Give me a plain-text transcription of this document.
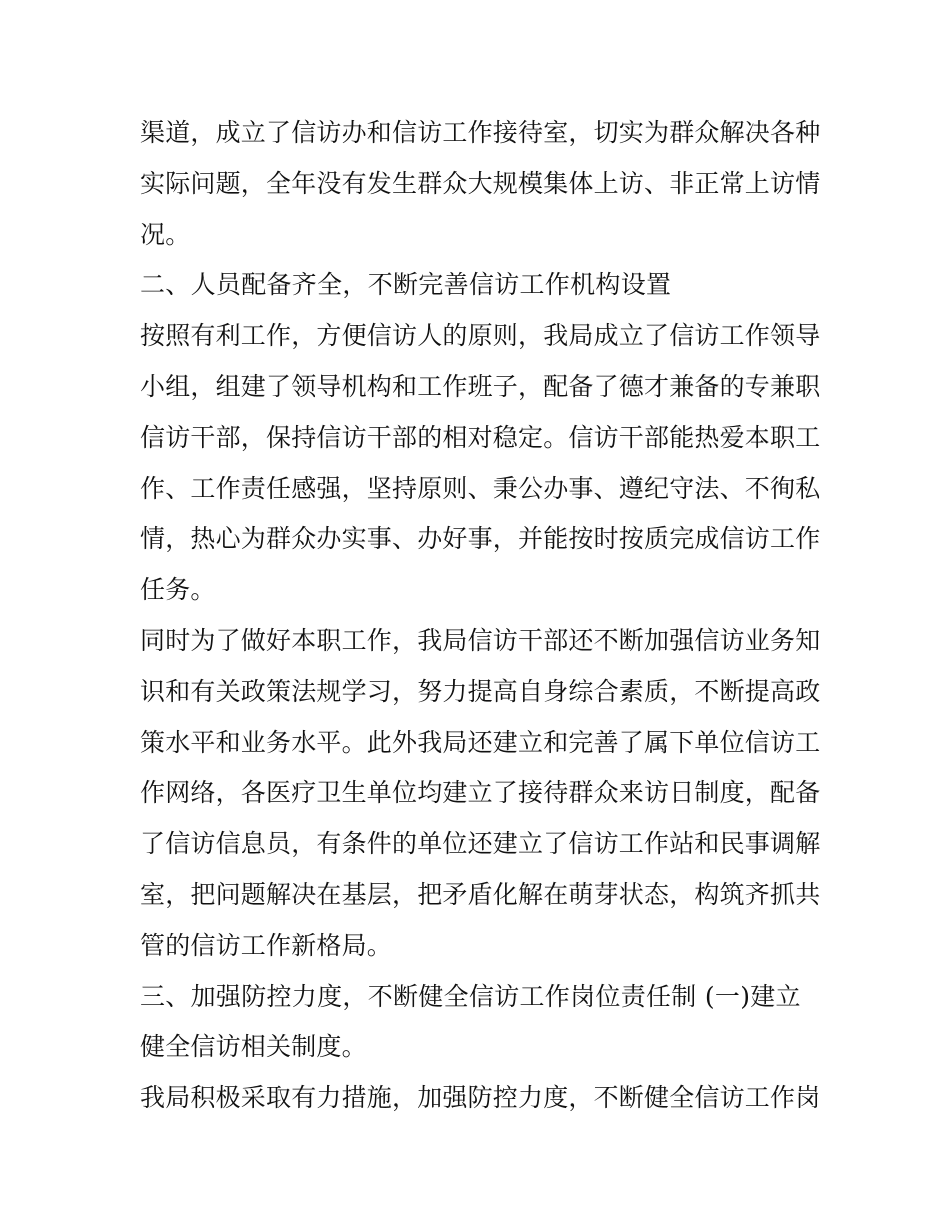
渠道，成立了信访办和信访工作接待室，切实为群众解决各种
实际问题，全年没有发生群众大规模集体上访、非正常上访情
况。
二、人员配备齐全，不断完善信访工作机构设置
按照有利工作，方便信访人的原则，我局成立了信访工作领导
小组，组建了领导机构和工作班子，配备了德才兼备的专兼职
信访干部，保持信访干部的相对稳定。信访干部能热爱本职工
作、工作责任感强，坚持原则、秉公办事、遵纪守法、不徇私
情，热心为群众办实事、办好事，并能按时按质完成信访工作
任务。
同时为了做好本职工作，我局信访干部还不断加强信访业务知
识和有关政策法规学习，努力提高自身综合素质，不断提高政
策水平和业务水平。此外我局还建立和完善了属下单位信访工
作网络，各医疗卫生单位均建立了接待群众来访日制度，配备
了信访信息员，有条件的单位还建立了信访工作站和民事调解
室，把问题解决在基层，把矛盾化解在萌芽状态，构筑齐抓共
管的信访工作新格局。
三、加强防控力度，不断健全信访工作岗位责任制 (一)建立
健全信访相关制度。
我局积极采取有力措施，加强防控力度，不断健全信访工作岗
